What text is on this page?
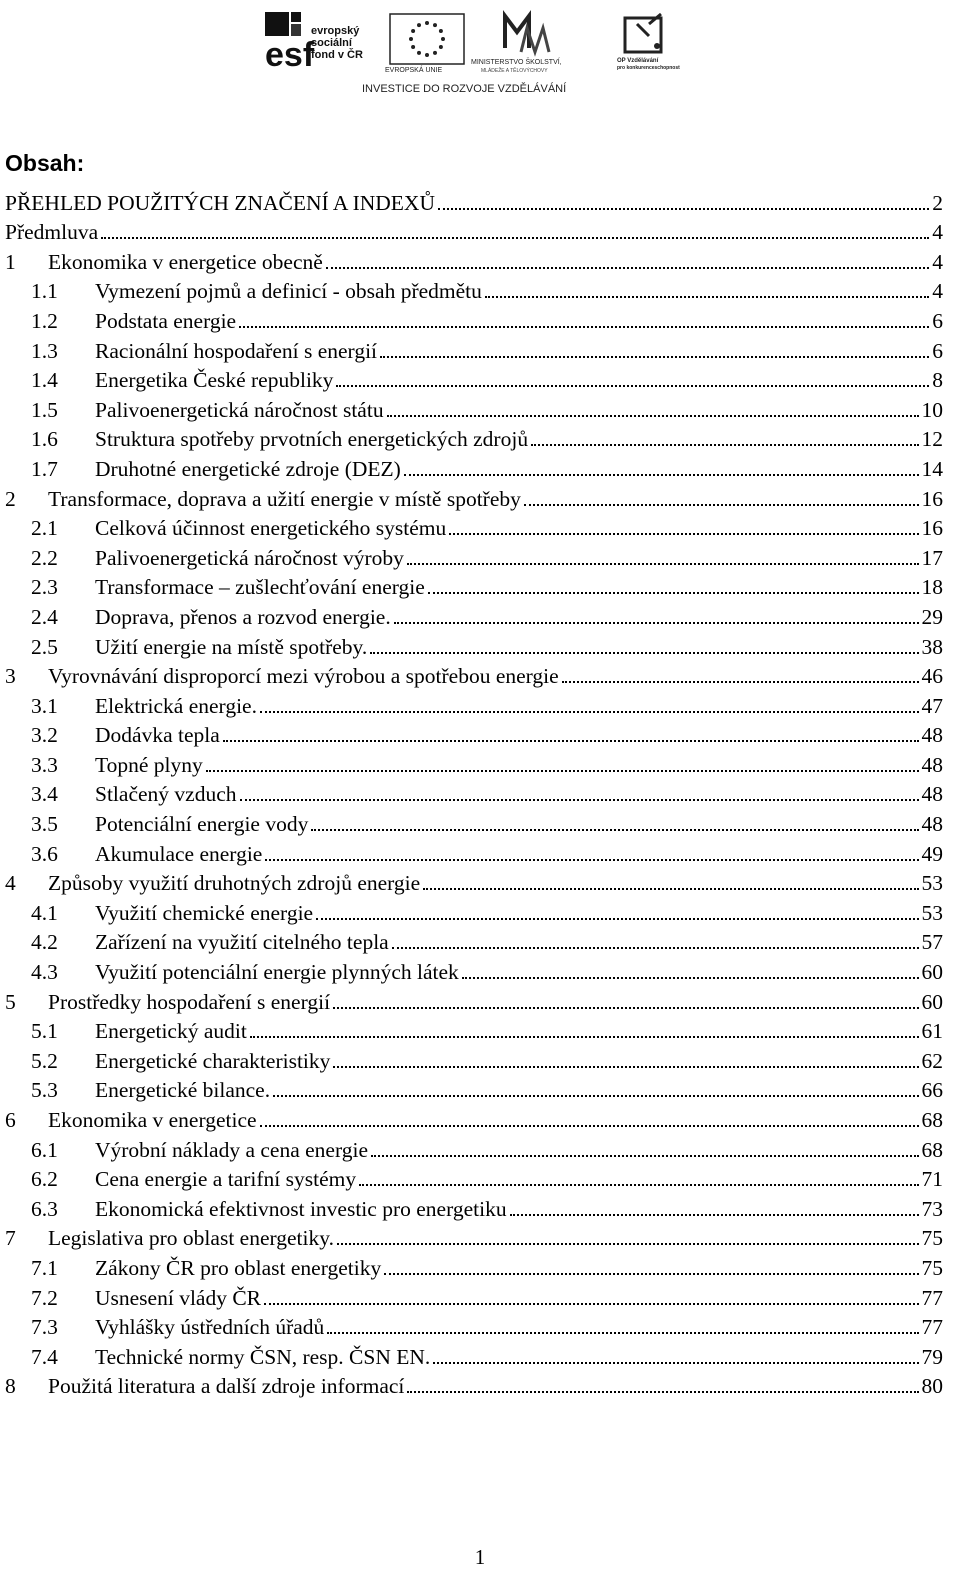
esf
evropský
sociální
fond v ČR
EVROPSKÁ UNIE
MINISTERSTVO ŠKOLSTVÍ,
MLÁDEŽE A TĚLOVÝCHOVY
OP Vzdělávání
pro konkurenceschopnost
INVESTICE DO ROZVOJE VZDĚLÁVÁNÍ
Obsah:
PŘEHLED POUŽITÝCH ZNAČENÍ A INDEXŮ	2
Předmluva	4
1	Ekonomika v energetice obecně	4
1.1	Vymezení pojmů a definicí - obsah předmětu	4
1.2	Podstata energie	6
1.3	Racionální hospodaření s energií	6
1.4	Energetika České republiky	8
1.5	Palivoenergetická náročnost státu	10
1.6	Struktura spotřeby prvotních energetických zdrojů	12
1.7	Druhotné energetické zdroje (DEZ)	14
2	Transformace, doprava a užití energie v místě spotřeby	16
2.1	Celková účinnost energetického systému	16
2.2	Palivoenergetická náročnost výroby	17
2.3	Transformace – zušlechťování energie	18
2.4	Doprava, přenos a rozvod energie.	29
2.5	Užití energie na místě spotřeby.	38
3	Vyrovnávání disproporcí mezi výrobou a spotřebou energie	46
3.1	Elektrická energie.	47
3.2	Dodávka tepla	48
3.3	Topné plyny	48
3.4	Stlačený vzduch	48
3.5	Potenciální energie vody	48
3.6	Akumulace energie	49
4	Způsoby využití druhotných zdrojů energie	53
4.1	Využití chemické energie	53
4.2	Zařízení na využití citelného tepla	57
4.3	Využití potenciální energie plynných látek	60
5	Prostředky hospodaření s energií	60
5.1	Energetický audit	61
5.2	Energetické charakteristiky	62
5.3	Energetické bilance.	66
6	Ekonomika v energetice	68
6.1	Výrobní náklady a cena energie	68
6.2	Cena energie a tarifní systémy	71
6.3	Ekonomická efektivnost investic pro energetiku	73
7	Legislativa pro oblast energetiky.	75
7.1	Zákony ČR pro oblast energetiky	75
7.2	Usnesení vlády ČR	77
7.3	Vyhlášky ústředních úřadů	77
7.4	Technické normy ČSN, resp. ČSN EN.	79
8	Použitá literatura a další zdroje informací	80
1
